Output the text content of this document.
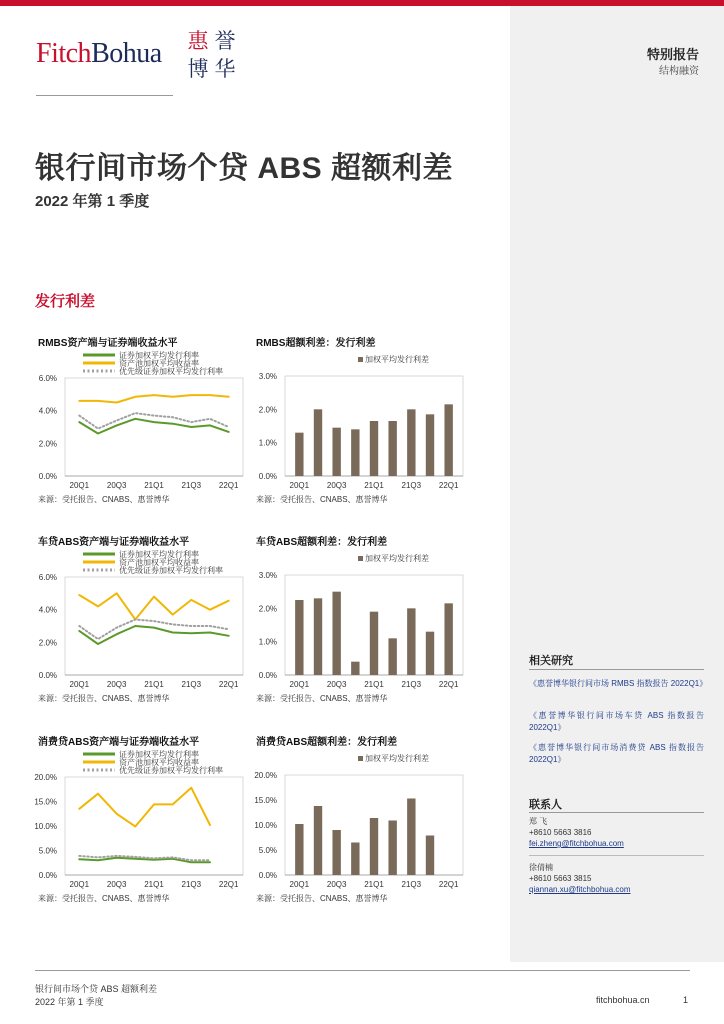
FitchBohua 惠 誉
博 华
特别报告
结构融资
银行间市场个贷 ABS 超额利差
2022 年第 1 季度
发行利差
RMBS资产端与证券端收益水平
证券加权平均发行利率
资产池加权平均收益率
优先级证券加权平均发行利率
0.0%
2.0%
4.0%
6.0%
20Q1 20Q3 21Q1 21Q3 22Q1
来源：受托报告、CNABS、惠誉博华
RMBS超额利差：发行利差
加权平均发行利差
0.0%
1.0%
2.0%
3.0%
20Q1 20Q3 21Q1 21Q3 22Q1
来源：受托报告、CNABS、惠誉博华
车贷ABS资产端与证券端收益水平
证券加权平均发行利率
资产池加权平均收益率
优先级证券加权平均发行利率
0.0%
2.0%
4.0%
6.0%
20Q1 20Q3 21Q1 21Q3 22Q1
来源：受托报告、CNABS、惠誉博华
车贷ABS超额利差：发行利差
加权平均发行利差
0.0%
1.0%
2.0%
3.0%
20Q1 20Q3 21Q1 21Q3 22Q1
来源：受托报告、CNABS、惠誉博华
消费贷ABS资产端与证券端收益水平
证券加权平均发行利率
资产池加权平均收益率
优先级证券加权平均发行利率
0.0%
5.0%
10.0%
15.0%
20.0%
20Q1 20Q3 21Q1 21Q3 22Q1
来源：受托报告、CNABS、惠誉博华
消费贷ABS超额利差：发行利差
加权平均发行利差
0.0%
5.0%
10.0%
15.0%
20.0%
20Q1 20Q3 21Q1 21Q3 22Q1
来源：受托报告、CNABS、惠誉博华
相关研究
《惠誉博华银行间市场 RMBS 指数报告 2022Q1》
《惠誉博华银行间市场车贷 ABS 指数报告 2022Q1》
《惠誉博华银行间市场消费贷 ABS 指数报告 2022Q1》
联系人
郑 飞
+8610 5663 3816
fei.zheng@fitchbohua.com
徐倩楠
+8610 5663 3815
qiannan.xu@fitchbohua.com
银行间市场个贷 ABS 超额利差
2022 年第 1 季度	fitchbohua.cn	1
